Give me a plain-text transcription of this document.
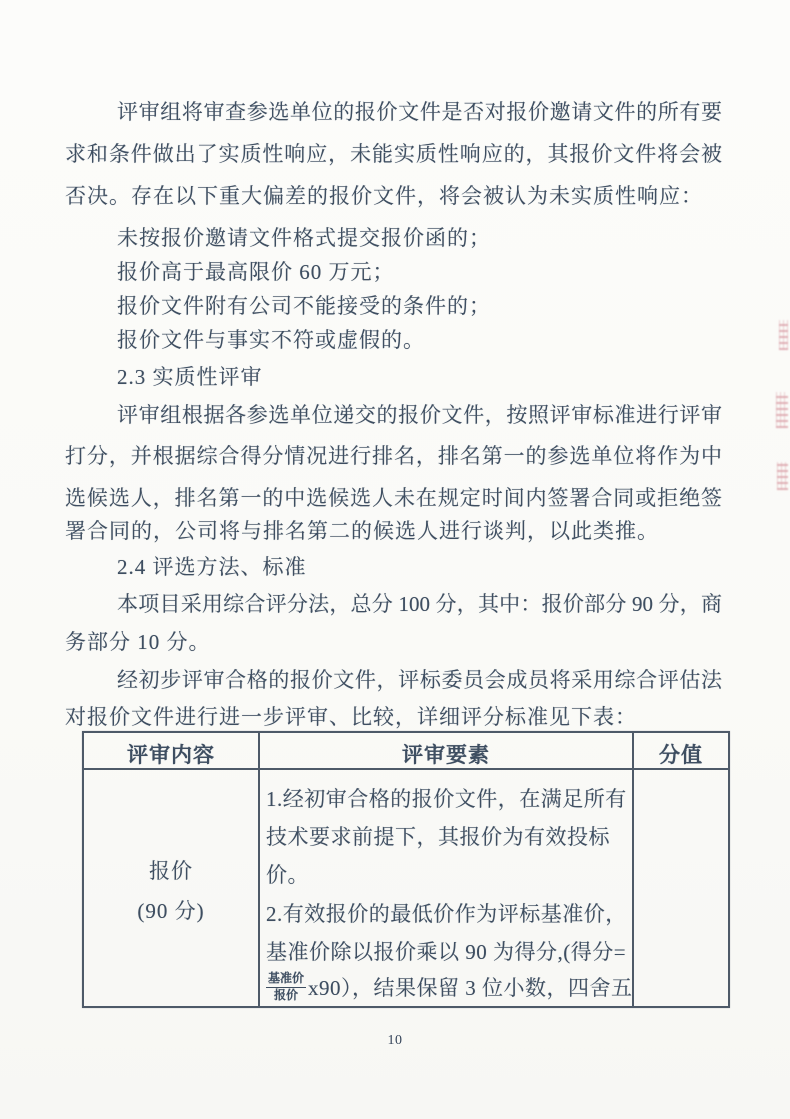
评审组将审查参选单位的报价文件是否对报价邀请文件的所有要
求和条件做出了实质性响应，未能实质性响应的，其报价文件将会被
否决。存在以下重大偏差的报价文件，将会被认为未实质性响应：
未按报价邀请文件格式提交报价函的；
报价高于最高限价 60 万元；
报价文件附有公司不能接受的条件的；
报价文件与事实不符或虚假的。
2.3 实质性评审
评审组根据各参选单位递交的报价文件，按照评审标准进行评审
打分，并根据综合得分情况进行排名，排名第一的参选单位将作为中
选候选人，排名第一的中选候选人未在规定时间内签署合同或拒绝签
署合同的，公司将与排名第二的候选人进行谈判，以此类推。
2.4 评选方法、标准
本项目采用综合评分法，总分 100 分，其中：报价部分 90 分，商
务部分 10 分。
经初步评审合格的报价文件，评标委员会成员将采用综合评估法
对报价文件进行进一步评审、比较，详细评分标准见下表：
评审内容	评审要素	分值
报价
(90 分)
1.经初审合格的报价文件，在满足所有
技术要求前提下，其报价为有效投标
价。
2.有效报价的最低价作为评标基准价，
基准价除以报价乘以 90 为得分,(得分=
$\frac{\text{基准价}}{\text{报价}} x90$），结果保留 3 位小数，四舍五
10
